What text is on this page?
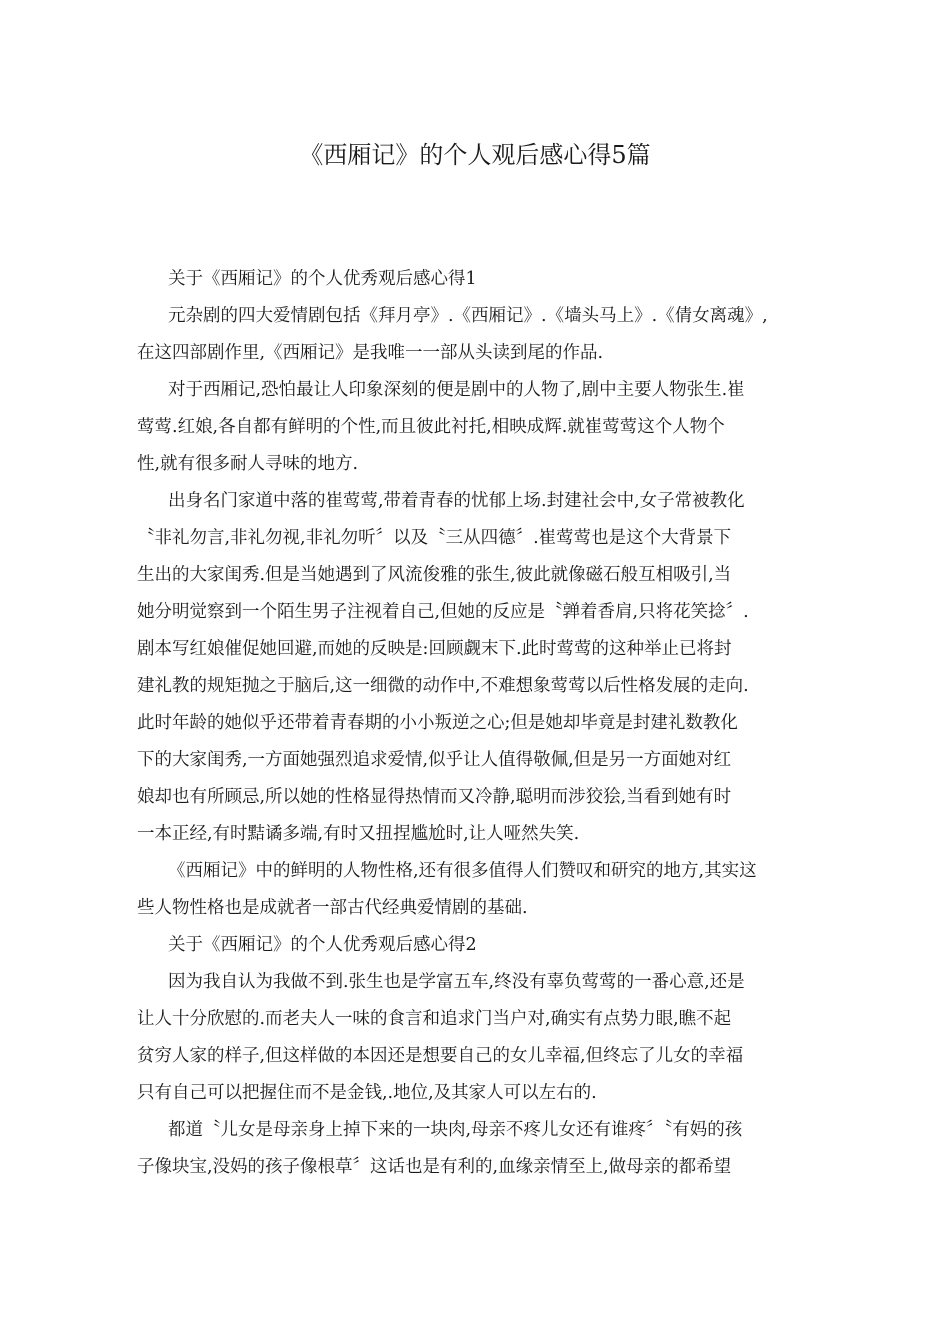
《西厢记》的个人观后感心得5篇

关于《西厢记》的个人优秀观后感心得1

元杂剧的四大爱情剧包括《拜月亭》.《西厢记》.《墙头马上》.《倩女离魂》,

在这四部剧作里,《西厢记》是我唯一一部从头读到尾的作品.

对于西厢记,恐怕最让人印象深刻的便是剧中的人物了,剧中主要人物张生.崔

莺莺.红娘,各自都有鲜明的个性,而且彼此衬托,相映成辉.就崔莺莺这个人物个

性,就有很多耐人寻味的地方.

出身名门家道中落的崔莺莺,带着青春的忧郁上场.封建社会中,女子常被教化

〝非礼勿言,非礼勿视,非礼勿听〞以及〝三从四德〞.崔莺莺也是这个大背景下

生出的大家闺秀.但是当她遇到了风流俊雅的张生,彼此就像磁石般互相吸引,当

她分明觉察到一个陌生男子注视着自己,但她的反应是〝亸着香肩,只将花笑捻〞.

剧本写红娘催促她回避,而她的反映是:回顾觑末下.此时莺莺的这种举止已将封

建礼教的规矩抛之于脑后,这一细微的动作中,不难想象莺莺以后性格发展的走向.

此时年龄的她似乎还带着青春期的小小叛逆之心;但是她却毕竟是封建礼数教化

下的大家闺秀,一方面她强烈追求爱情,似乎让人值得敬佩,但是另一方面她对红

娘却也有所顾忌,所以她的性格显得热情而又冷静,聪明而涉狡狯,当看到她有时

一本正经,有时黠谲多端,有时又扭捏尴尬时,让人哑然失笑.

《西厢记》中的鲜明的人物性格,还有很多值得人们赞叹和研究的地方,其实这

些人物性格也是成就者一部古代经典爱情剧的基础.

关于《西厢记》的个人优秀观后感心得2

因为我自认为我做不到.张生也是学富五车,终没有辜负莺莺的一番心意,还是

让人十分欣慰的.而老夫人一味的食言和追求门当户对,确实有点势力眼,瞧不起

贫穷人家的样子,但这样做的本因还是想要自己的女儿幸福,但终忘了儿女的幸福

只有自己可以把握住而不是金钱,.地位,及其家人可以左右的.

都道〝儿女是母亲身上掉下来的一块肉,母亲不疼儿女还有谁疼〞〝有妈的孩

子像块宝,没妈的孩子像根草〞这话也是有利的,血缘亲情至上,做母亲的都希望
